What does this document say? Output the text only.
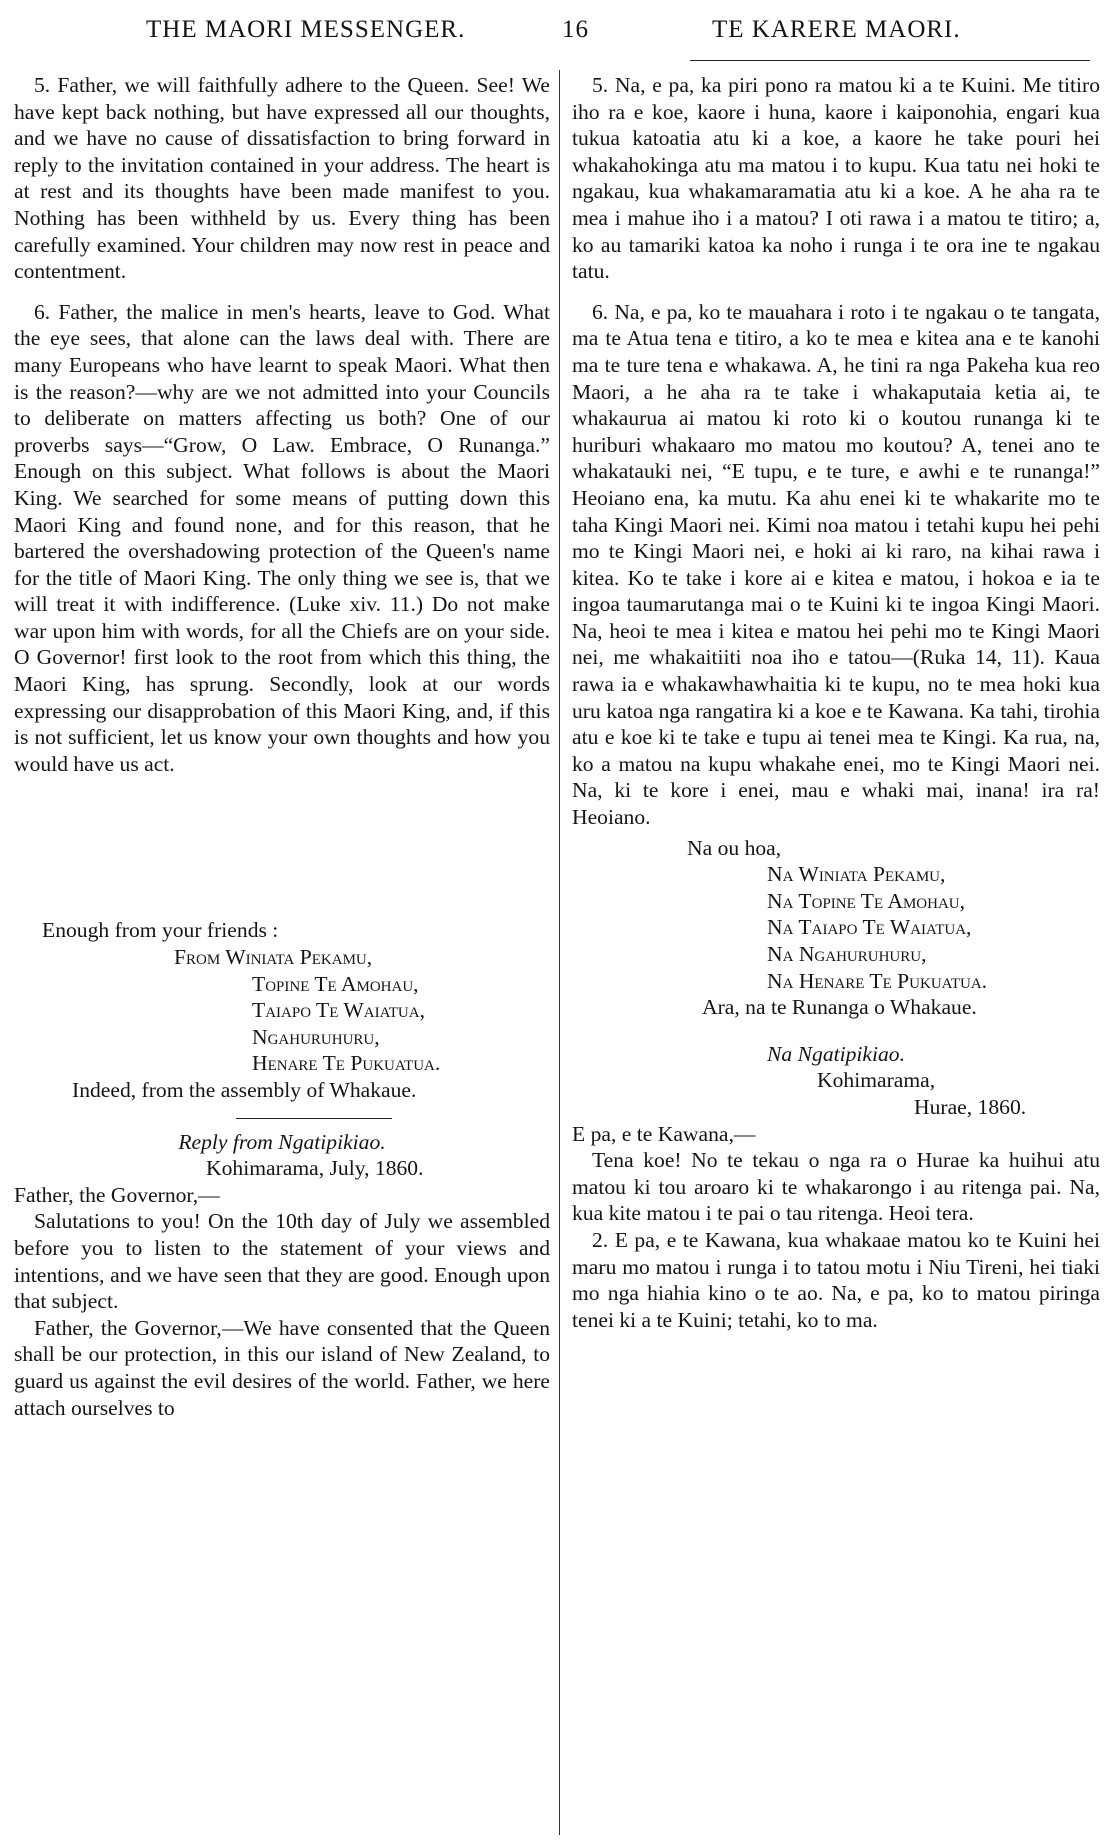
THE MAORI MESSENGER.	16	TE KARERE MAORI.

5. Father, we will faithfully adhere to the Queen. See! We have kept back nothing, but have expressed all our thoughts, and we have no cause of dissatisfaction to bring forward in reply to the invitation contained in your address. The heart is at rest and its thoughts have been made manifest to you. Nothing has been withheld by us. Every thing has been carefully examined. Your children may now rest in peace and contentment.

6. Father, the malice in men's hearts, leave to God. What the eye sees, that alone can the laws deal with. There are many Europeans who have learnt to speak Maori. What then is the reason?—why are we not admitted into your Councils to deliberate on matters affecting us both? One of our proverbs says—“Grow, O Law. Embrace, O Runanga.” Enough on this subject. What follows is about the Maori King. We searched for some means of putting down this Maori King and found none, and for this reason, that he bartered the overshadowing protection of the Queen's name for the title of Maori King. The only thing we see is, that we will treat it with indifference. (Luke xiv. 11.) Do not make war upon him with words, for all the Chiefs are on your side. O Governor! first look to the root from which this thing, the Maori King, has sprung. Secondly, look at our words expressing our disapprobation of this Maori King, and, if this is not sufficient, let us know your own thoughts and how you would have us act.

Enough from your friends :

From Winiata Pekamu,

Topine Te Amohau,

Taiapo Te Waiatua,

Ngahuruhuru,

Henare Te Pukuatua.

Indeed, from the assembly of Whakaue.

Reply from Ngatipikiao.

Kohimarama, July, 1860.

Father, the Governor,—

Salutations to you! On the 10th day of July we assembled before you to listen to the statement of your views and intentions, and we have seen that they are good. Enough upon that subject.

Father, the Governor,—We have consented that the Queen shall be our protection, in this our island of New Zealand, to guard us against the evil desires of the world. Father, we here attach ourselves to

5. Na, e pa, ka piri pono ra matou ki a te Kuini. Me titiro iho ra e koe, kaore i huna, kaore i kaiponohia, engari kua tukua katoatia atu ki a koe, a kaore he take pouri hei whakahokinga atu ma matou i to kupu. Kua tatu nei hoki te ngakau, kua whakamaramatia atu ki a koe. A he aha ra te mea i mahue iho i a matou? I oti rawa i a matou te titiro; a, ko au tamariki katoa ka noho i runga i te ora ine te ngakau tatu.

6. Na, e pa, ko te mauahara i roto i te ngakau o te tangata, ma te Atua tena e titiro, a ko te mea e kitea ana e te kanohi ma te ture tena e whakawa. A, he tini ra nga Pakeha kua reo Maori, a he aha ra te take i whakaputaia ketia ai, te whakaurua ai matou ki roto ki o koutou runanga ki te huriburi whakaaro mo matou mo koutou? A, tenei ano te whakatauki nei, “E tupu, e te ture, e awhi e te runanga!” Heoiano ena, ka mutu. Ka ahu enei ki te whakarite mo te taha Kingi Maori nei. Kimi noa matou i tetahi kupu hei pehi mo te Kingi Maori nei, e hoki ai ki raro, na kihai rawa i kitea. Ko te take i kore ai e kitea e matou, i hokoa e ia te ingoa taumarutanga mai o te Kuini ki te ingoa Kingi Maori. Na, heoi te mea i kitea e matou hei pehi mo te Kingi Maori nei, me whakaitiiti noa iho e tatou—(Ruka 14, 11). Kaua rawa ia e whakawhawhaitia ki te kupu, no te mea hoki kua uru katoa nga rangatira ki a koe e te Kawana. Ka tahi, tirohia atu e koe ki te take e tupu ai tenei mea te Kingi. Ka rua, na, ko a matou na kupu whakahe enei, mo te Kingi Maori nei. Na, ki te kore i enei, mau e whaki mai, inana! ira ra! Heoiano.

Na ou hoa,

Na Winiata Pekamu,

Na Topine Te Amohau,

Na Taiapo Te Waiatua,

Na Ngahuruhuru,

Na Henare Te Pukuatua.

Ara, na te Runanga o Whakaue.

Na Ngatipikiao.

Kohimarama,

Hurae, 1860.

E pa, e te Kawana,—

Tena koe! No te tekau o nga ra o Hurae ka huihui atu matou ki tou aroaro ki te whakarongo i au ritenga pai. Na, kua kite matou i te pai o tau ritenga. Heoi tera.

2. E pa, e te Kawana, kua whakaae matou ko te Kuini hei maru mo matou i runga i to tatou motu i Niu Tireni, hei tiaki mo nga hiahia kino o te ao. Na, e pa, ko to matou piringa tenei ki a te Kuini; tetahi, ko to ma.
